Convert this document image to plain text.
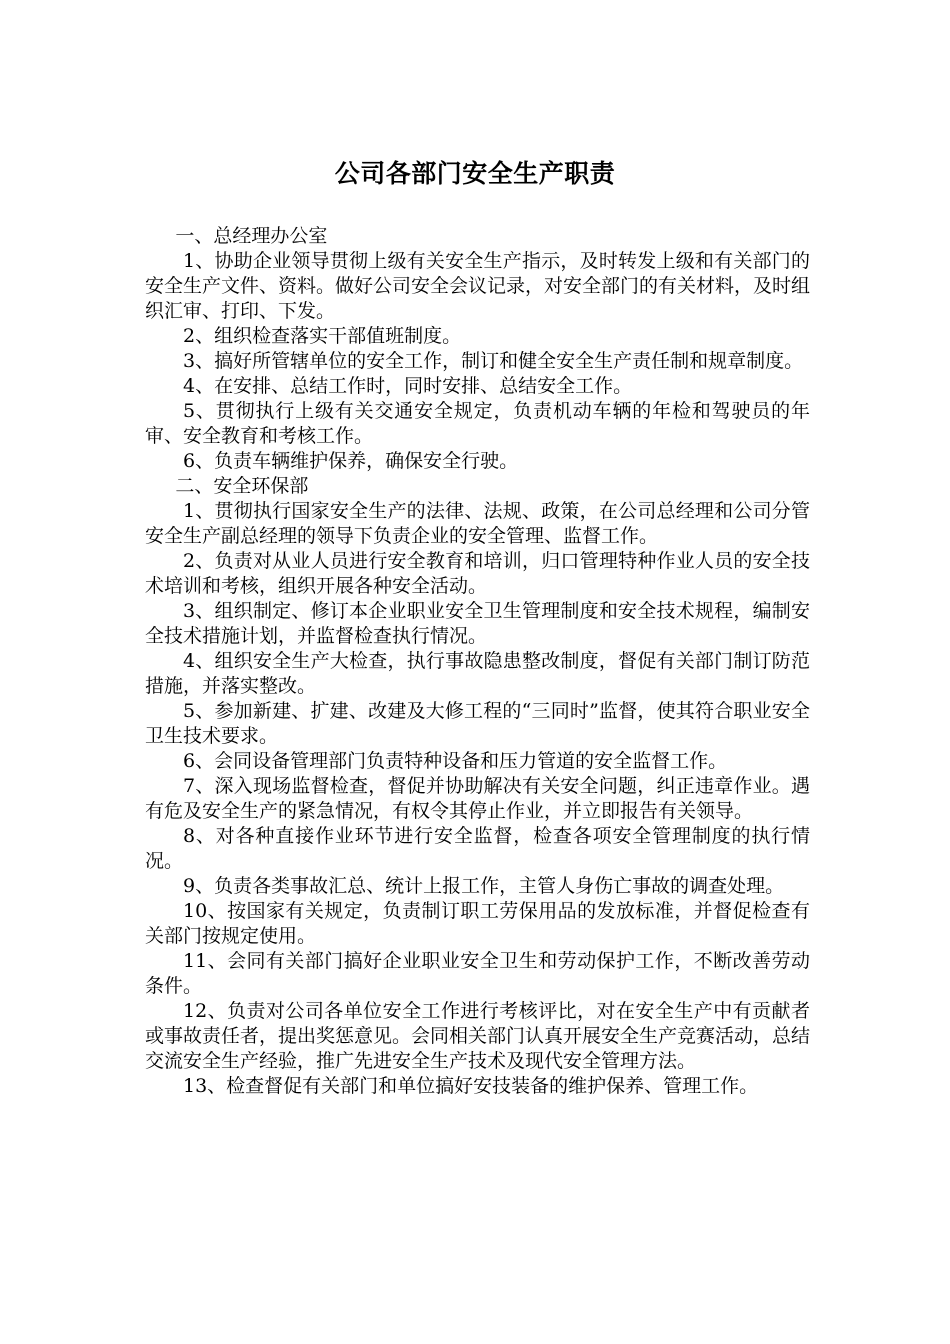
公司各部门安全生产职责

一、总经理办公室

1、协助企业领导贯彻上级有关安全生产指示，及时转发上级和有关部门的安全生产文件、资料。做好公司安全会议记录，对安全部门的有关材料，及时组织汇审、打印、下发。

2、组织检查落实干部值班制度。

3、搞好所管辖单位的安全工作，制订和健全安全生产责任制和规章制度。

4、在安排、总结工作时，同时安排、总结安全工作。

5、贯彻执行上级有关交通安全规定，负责机动车辆的年检和驾驶员的年审、安全教育和考核工作。

6、负责车辆维护保养，确保安全行驶。

二、安全环保部

1、贯彻执行国家安全生产的法律、法规、政策，在公司总经理和公司分管安全生产副总经理的领导下负责企业的安全管理、监督工作。

2、负责对从业人员进行安全教育和培训，归口管理特种作业人员的安全技术培训和考核，组织开展各种安全活动。

3、组织制定、修订本企业职业安全卫生管理制度和安全技术规程，编制安全技术措施计划，并监督检查执行情况。

4、组织安全生产大检查，执行事故隐患整改制度，督促有关部门制订防范措施，并落实整改。

5、参加新建、扩建、改建及大修工程的“三同时”监督，使其符合职业安全卫生技术要求。

6、会同设备管理部门负责特种设备和压力管道的安全监督工作。

7、深入现场监督检查，督促并协助解决有关安全问题，纠正违章作业。遇有危及安全生产的紧急情况，有权令其停止作业，并立即报告有关领导。

8、对各种直接作业环节进行安全监督，检查各项安全管理制度的执行情况。

9、负责各类事故汇总、统计上报工作，主管人身伤亡事故的调查处理。

10、按国家有关规定，负责制订职工劳保用品的发放标准，并督促检查有关部门按规定使用。

11、会同有关部门搞好企业职业安全卫生和劳动保护工作，不断改善劳动条件。

12、负责对公司各单位安全工作进行考核评比，对在安全生产中有贡献者或事故责任者，提出奖惩意见。会同相关部门认真开展安全生产竞赛活动，总结交流安全生产经验，推广先进安全生产技术及现代安全管理方法。

13、检查督促有关部门和单位搞好安技装备的维护保养、管理工作。
